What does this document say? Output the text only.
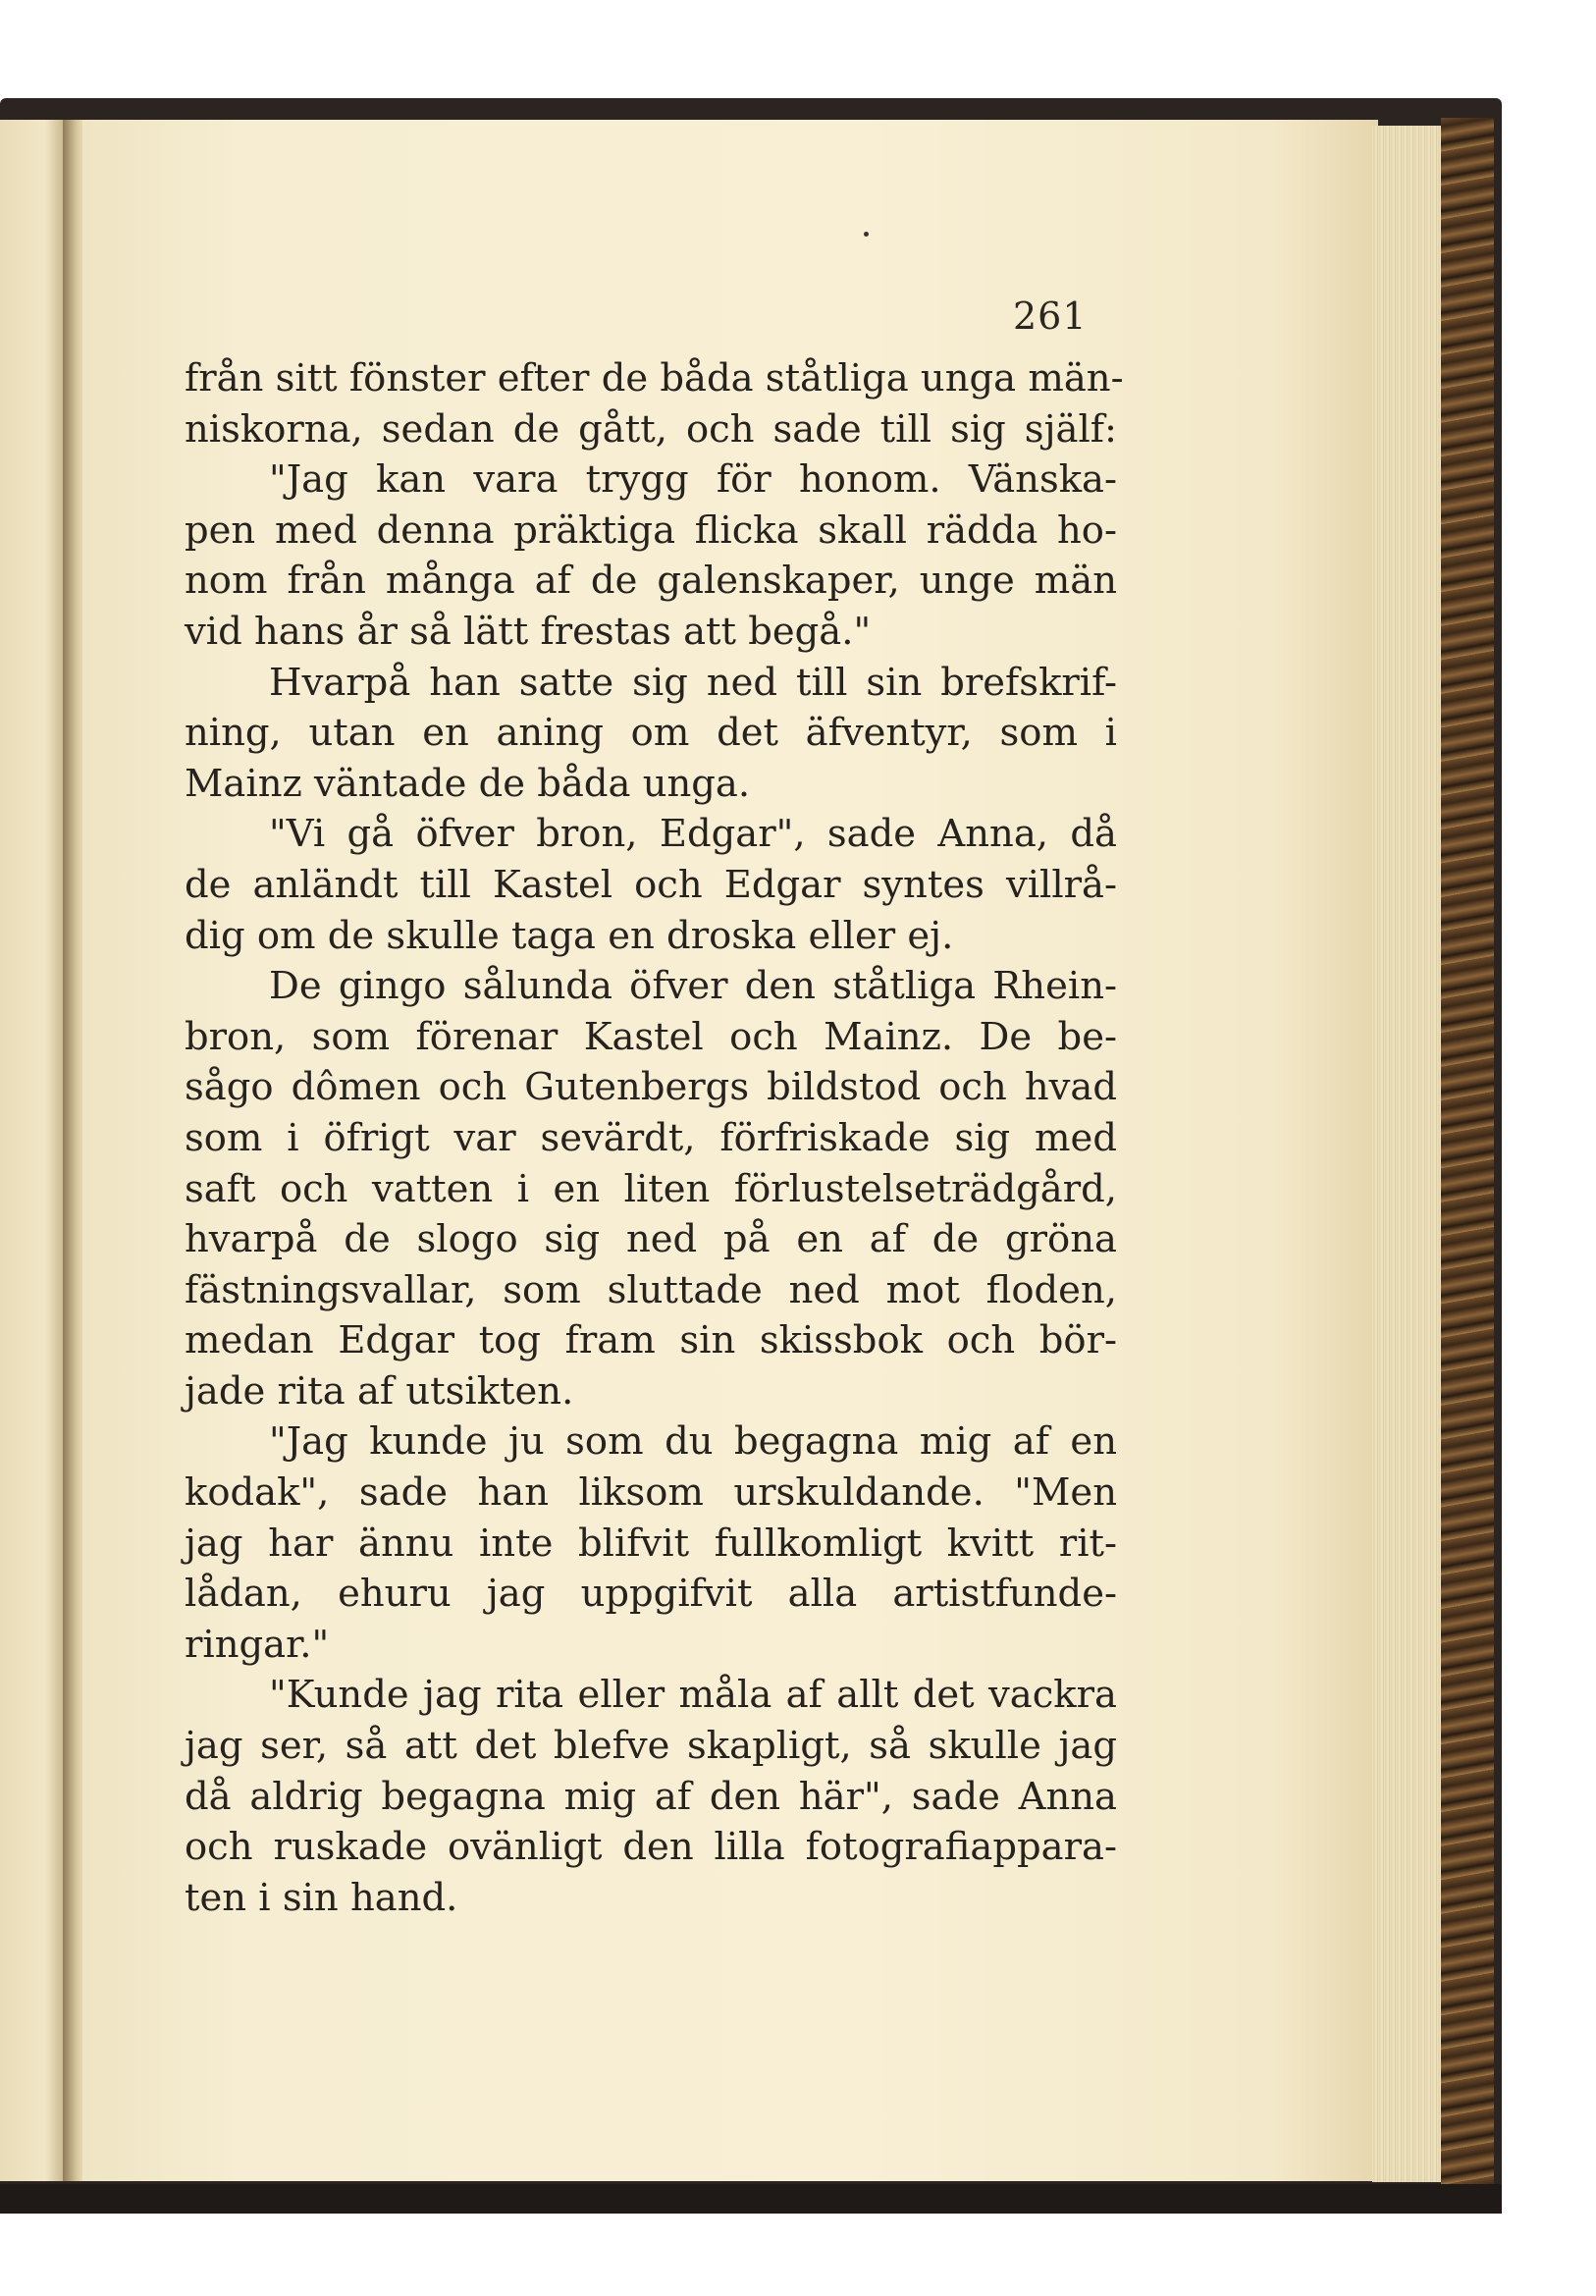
261
från sitt fönster efter de båda ståtliga unga män-
niskorna, sedan de gått, och sade till sig själf:
"Jag kan vara trygg för honom. Vänska-
pen med denna präktiga flicka skall rädda ho-
nom från många af de galenskaper, unge män
vid hans år så lätt frestas att begå."
Hvarpå han satte sig ned till sin brefskrif-
ning, utan en aning om det äfventyr, som i
Mainz väntade de båda unga.
"Vi gå öfver bron, Edgar", sade Anna, då
de anländt till Kastel och Edgar syntes villrå-
dig om de skulle taga en droska eller ej.
De gingo sålunda öfver den ståtliga Rhein-
bron, som förenar Kastel och Mainz. De be-
sågo dômen och Gutenbergs bildstod och hvad
som i öfrigt var sevärdt, förfriskade sig med
saft och vatten i en liten förlustelseträdgård,
hvarpå de slogo sig ned på en af de gröna
fästningsvallar, som sluttade ned mot floden,
medan Edgar tog fram sin skissbok och bör-
jade rita af utsikten.
"Jag kunde ju som du begagna mig af en
kodak", sade han liksom urskuldande. "Men
jag har ännu inte blifvit fullkomligt kvitt rit-
lådan, ehuru jag uppgifvit alla artistfunde-
ringar."
"Kunde jag rita eller måla af allt det vackra
jag ser, så att det blefve skapligt, så skulle jag
då aldrig begagna mig af den här", sade Anna
och ruskade ovänligt den lilla fotografiappara-
ten i sin hand.
